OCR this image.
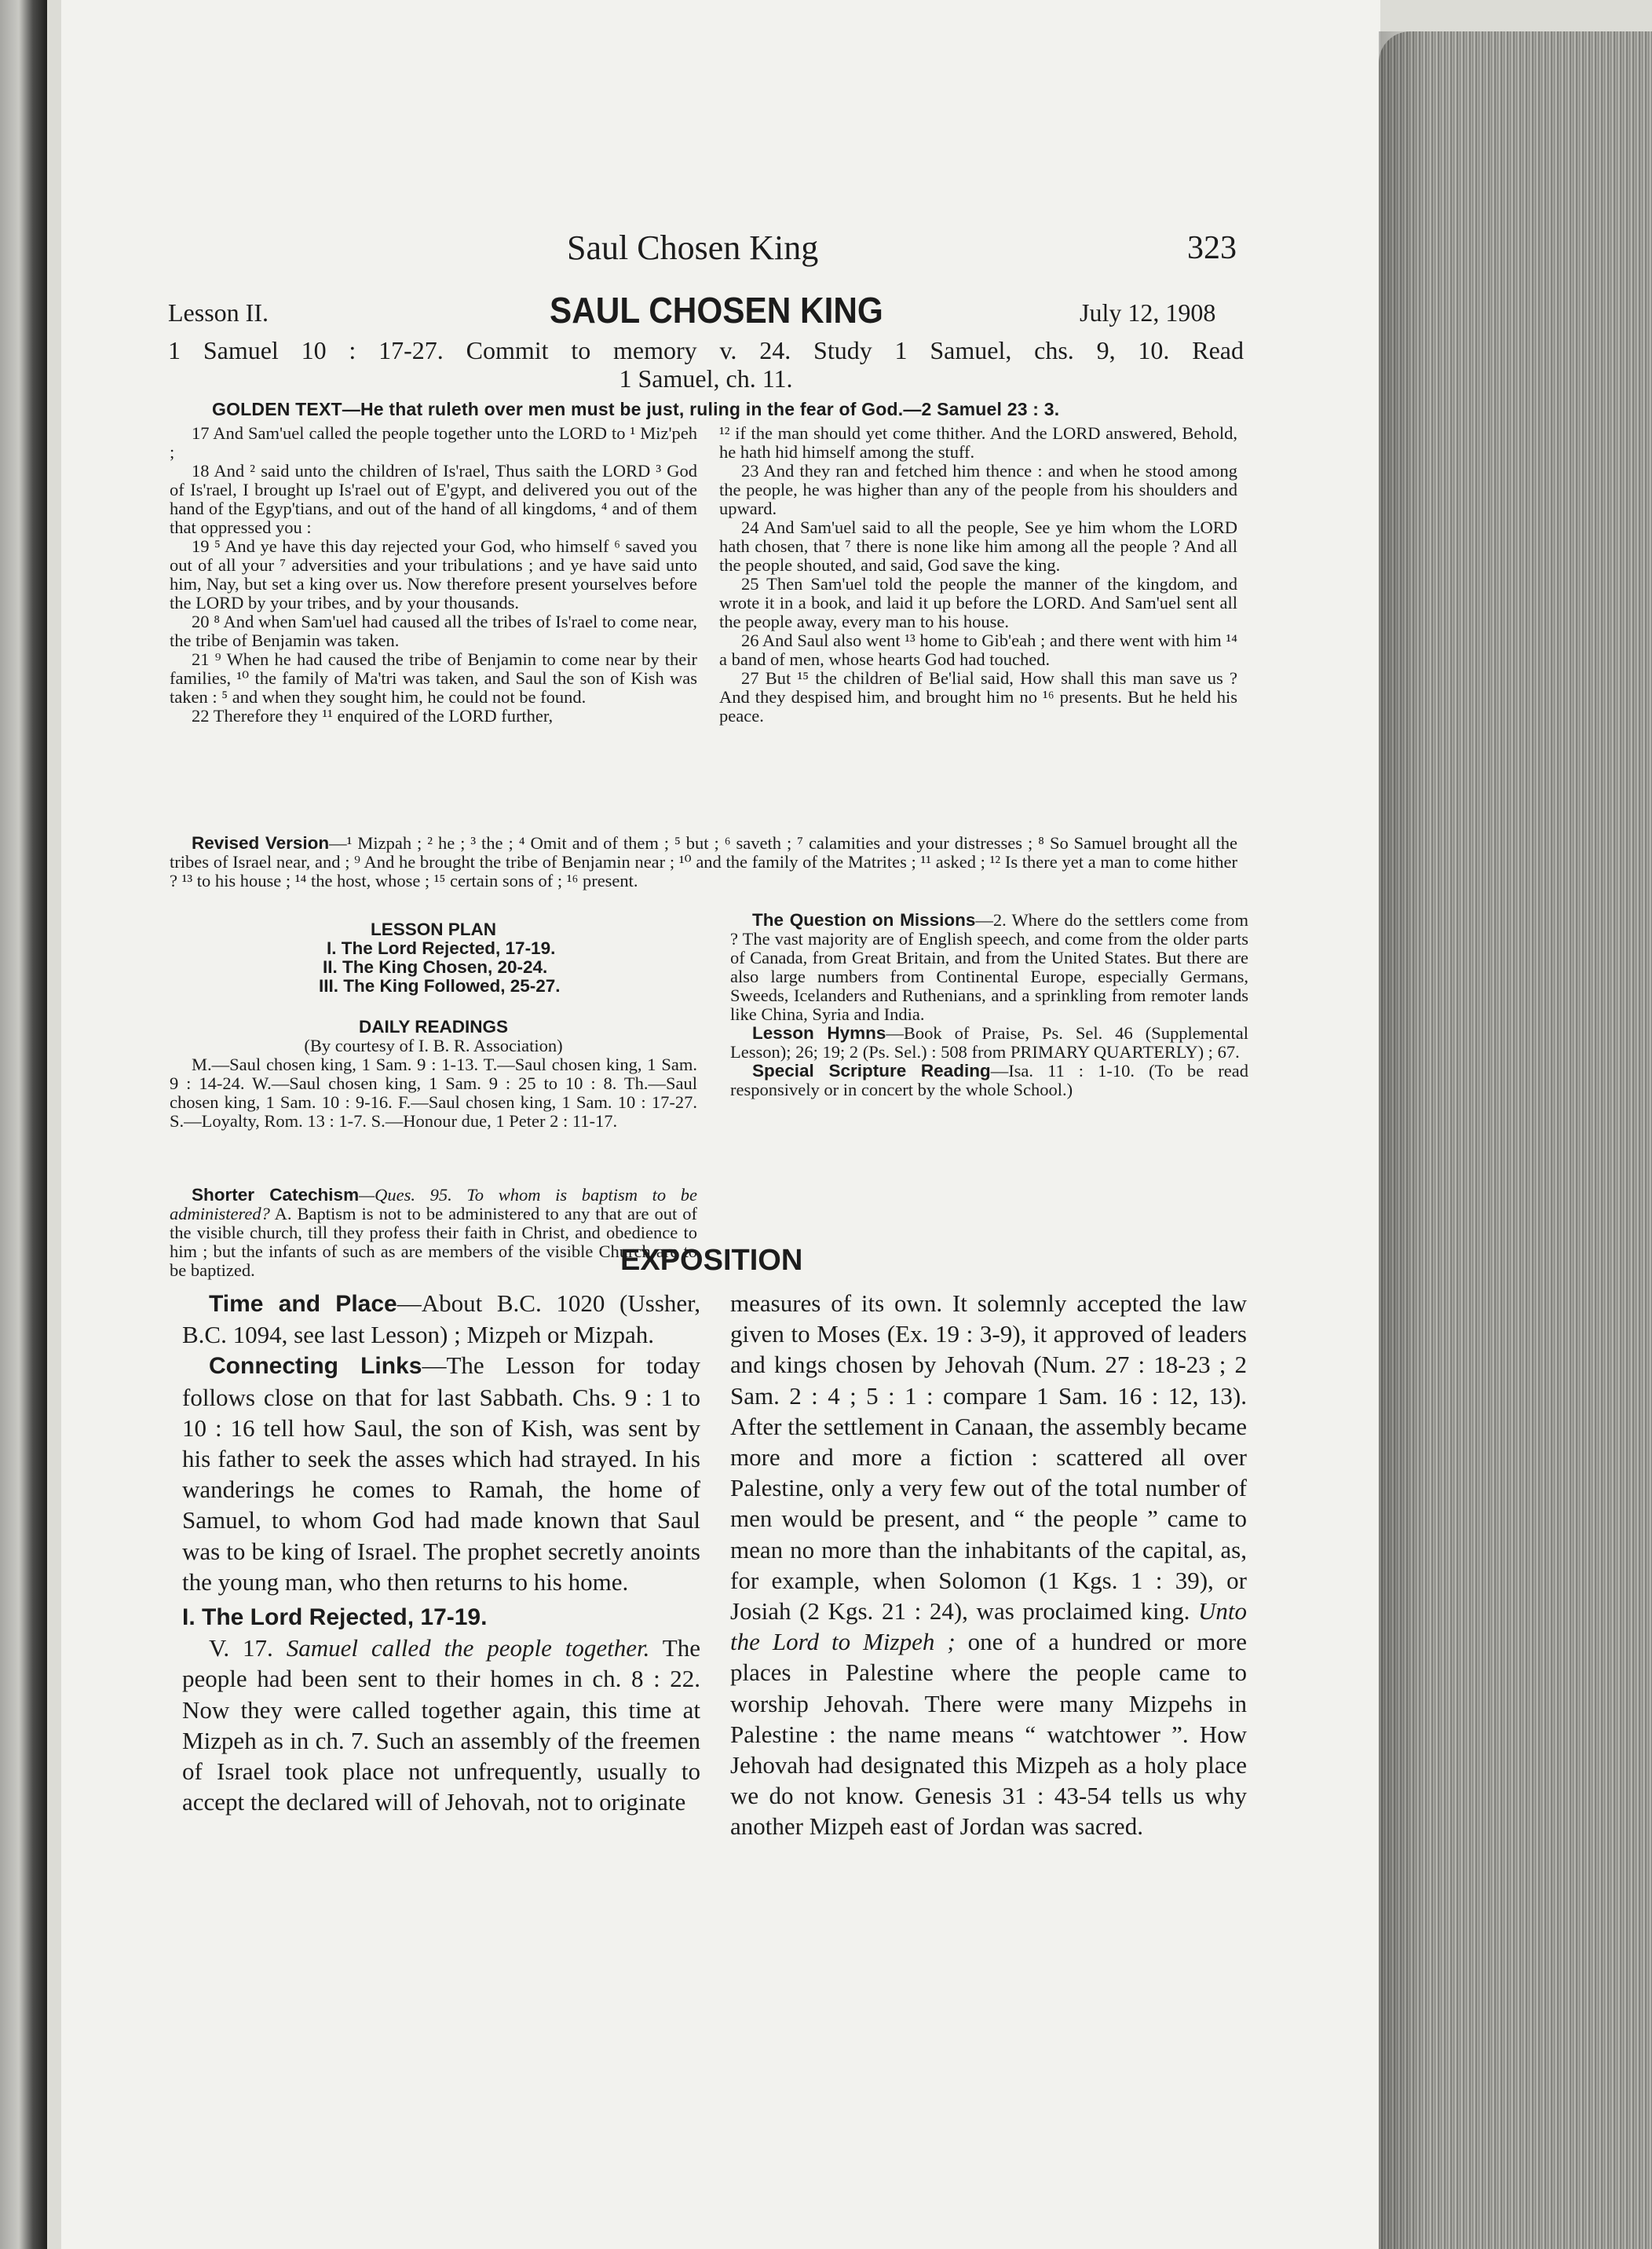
Saul Chosen King	323
Lesson II.	SAUL CHOSEN KING	July 12, 1908
1 Samuel 10 : 17-27. Commit to memory v. 24. Study 1 Samuel, chs. 9, 10. Read
1 Samuel, ch. 11.
GOLDEN TEXT—He that ruleth over men must be just, ruling in the fear of God.—2 Samuel 23 : 3.

17 And Sam'uel called the people together unto the LORD to ¹ Miz'peh ;

18 And ² said unto the children of Is'rael, Thus saith the LORD ³ God of Is'rael, I brought up Is'rael out of E'gypt, and delivered you out of the hand of the Egyp'tians, and out of the hand of all kingdoms, ⁴ and of them that oppressed you :

19 ⁵ And ye have this day rejected your God, who himself ⁶ saved you out of all your ⁷ adversities and your tribulations ; and ye have said unto him, Nay, but set a king over us. Now therefore present yourselves before the LORD by your tribes, and by your thousands.

20 ⁸ And when Sam'uel had caused all the tribes of Is'rael to come near, the tribe of Benjamin was taken.

21 ⁹ When he had caused the tribe of Benjamin to come near by their families, ¹⁰ the family of Ma'tri was taken, and Saul the son of Kish was taken : ⁵ and when they sought him, he could not be found.

22 Therefore they ¹¹ enquired of the LORD further,

¹² if the man should yet come thither. And the LORD answered, Behold, he hath hid himself among the stuff.

23 And they ran and fetched him thence : and when he stood among the people, he was higher than any of the people from his shoulders and upward.

24 And Sam'uel said to all the people, See ye him whom the LORD hath chosen, that ⁷ there is none like him among all the people ? And all the people shouted, and said, God save the king.

25 Then Sam'uel told the people the manner of the kingdom, and wrote it in a book, and laid it up before the LORD. And Sam'uel sent all the people away, every man to his house.

26 And Saul also went ¹³ home to Gib'eah ; and there went with him ¹⁴ a band of men, whose hearts God had touched.

27 But ¹⁵ the children of Be'lial said, How shall this man save us ? And they despised him, and brought him no ¹⁶ presents. But he held his peace.

Revised Version—¹ Mizpah ; ² he ; ³ the ; ⁴ Omit and of them ; ⁵ but ; ⁶ saveth ; ⁷ calamities and your distresses ; ⁸ So Samuel brought all the tribes of Israel near, and ; ⁹ And he brought the tribe of Benjamin near ; ¹⁰ and the family of the Matrites ; ¹¹ asked ; ¹² Is there yet a man to come hither ? ¹³ to his house ; ¹⁴ the host, whose ; ¹⁵ certain sons of ; ¹⁶ present.
LESSON PLAN
I. The Lord Rejected, 17-19.
II. The King Chosen, 20-24.
III. The King Followed, 25-27.

DAILY READINGS

(By courtesy of I. B. R. Association)

M.—Saul chosen king, 1 Sam. 9 : 1-13. T.—Saul chosen king, 1 Sam. 9 : 14-24. W.—Saul chosen king, 1 Sam. 9 : 25 to 10 : 8. Th.—Saul chosen king, 1 Sam. 10 : 9-16. F.—Saul chosen king, 1 Sam. 10 : 17-27. S.—Loyalty, Rom. 13 : 1-7. S.—Honour due, 1 Peter 2 : 11-17.

Shorter Catechism—Ques. 95. To whom is baptism to be administered? A. Baptism is not to be administered to any that are out of the visible church, till they profess their faith in Christ, and obedience to him ; but the infants of such as are members of the visible Church are to be baptized.

The Question on Missions—2. Where do the settlers come from ? The vast majority are of English speech, and come from the older parts of Canada, from Great Britain, and from the United States. But there are also large numbers from Continental Europe, especially Germans, Sweeds, Icelanders and Ruthenians, and a sprinkling from remoter lands like China, Syria and India.

Lesson Hymns—Book of Praise, Ps. Sel. 46 (Supplemental Lesson); 26; 19; 2 (Ps. Sel.) : 508 from PRIMARY QUARTERLY) ; 67.

Special Scripture Reading—Isa. 11 : 1-10. (To be read responsively or in concert by the whole School.)

EXPOSITION

Time and Place—About B.C. 1020 (Ussher, B.C. 1094, see last Lesson) ; Mizpeh or Mizpah.

Connecting Links—The Lesson for today follows close on that for last Sabbath. Chs. 9 : 1 to 10 : 16 tell how Saul, the son of Kish, was sent by his father to seek the asses which had strayed. In his wanderings he comes to Ramah, the home of Samuel, to whom God had made known that Saul was to be king of Israel. The prophet secretly anoints the young man, who then returns to his home.

I. The Lord Rejected, 17-19.

V. 17. Samuel called the people together. The people had been sent to their homes in ch. 8 : 22. Now they were called together again, this time at Mizpeh as in ch. 7. Such an assembly of the freemen of Israel took place not unfrequently, usually to accept the declared will of Jehovah, not to originate

measures of its own. It solemnly accepted the law given to Moses (Ex. 19 : 3-9), it approved of leaders and kings chosen by Jehovah (Num. 27 : 18-23 ; 2 Sam. 2 : 4 ; 5 : 1 : compare 1 Sam. 16 : 12, 13). After the settlement in Canaan, the assembly became more and more a fiction : scattered all over Palestine, only a very few out of the total number of men would be present, and “ the people ” came to mean no more than the inhabitants of the capital, as, for example, when Solomon (1 Kgs. 1 : 39), or Josiah (2 Kgs. 21 : 24), was proclaimed king. Unto the Lord to Mizpeh ; one of a hundred or more places in Palestine where the people came to worship Jehovah. There were many Mizpehs in Palestine : the name means “ watchtower ”. How Jehovah had designated this Mizpeh as a holy place we do not know. Genesis 31 : 43-54 tells us why another Mizpeh east of Jordan was sacred.
